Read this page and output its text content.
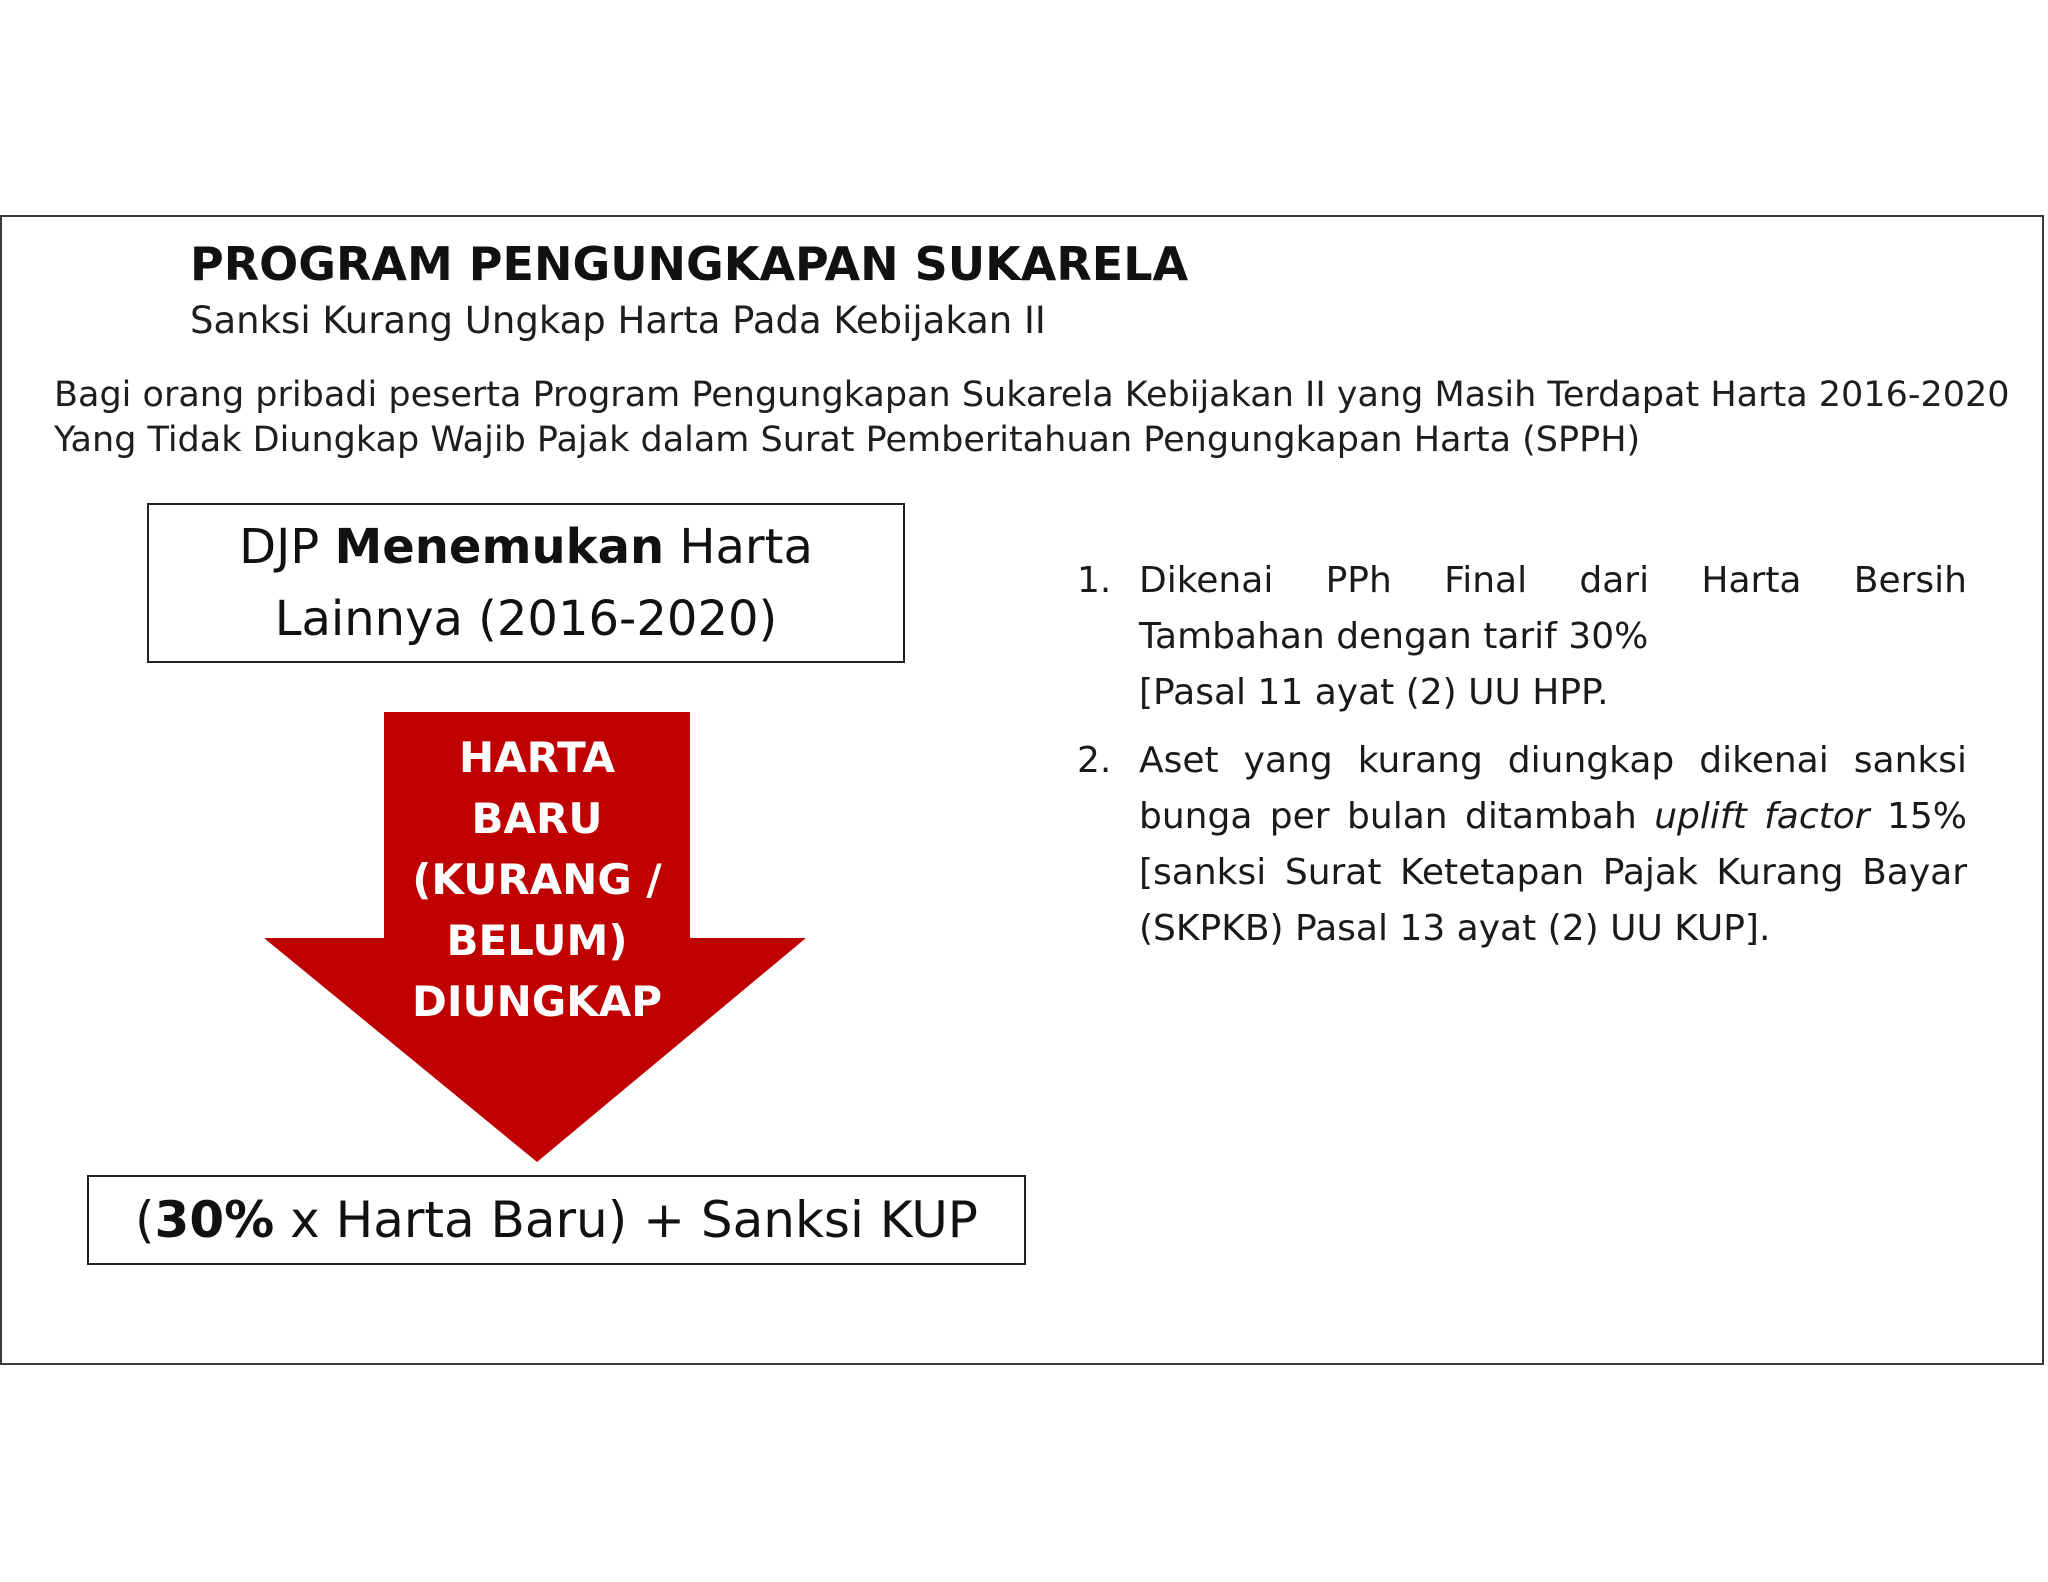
PROGRAM PENGUNGKAPAN SUKARELA

Sanksi Kurang Ungkap Harta Pada Kebijakan II

Bagi orang pribadi peserta Program Pengungkapan Sukarela Kebijakan II yang Masih Terdapat Harta 2016-2020
Yang Tidak Diungkap Wajib Pajak dalam Surat Pemberitahuan Pengungkapan Harta (SPPH)

DJP Menemukan Harta
Lainnya (2016-2020)
HARTA
BARU
(KURANG /
BELUM)
DIUNGKAP
(30% x Harta Baru) + Sanksi KUP
1. Dikenai PPh Final dari Harta Bersih
Tambahan dengan tarif 30%
[Pasal 11 ayat (2) UU HPP.
2. Aset yang kurang diungkap dikenai sanksi
bunga per bulan ditambah uplift factor 15%
[sanksi Surat Ketetapan Pajak Kurang Bayar
(SKPKB) Pasal 13 ayat (2) UU KUP].
